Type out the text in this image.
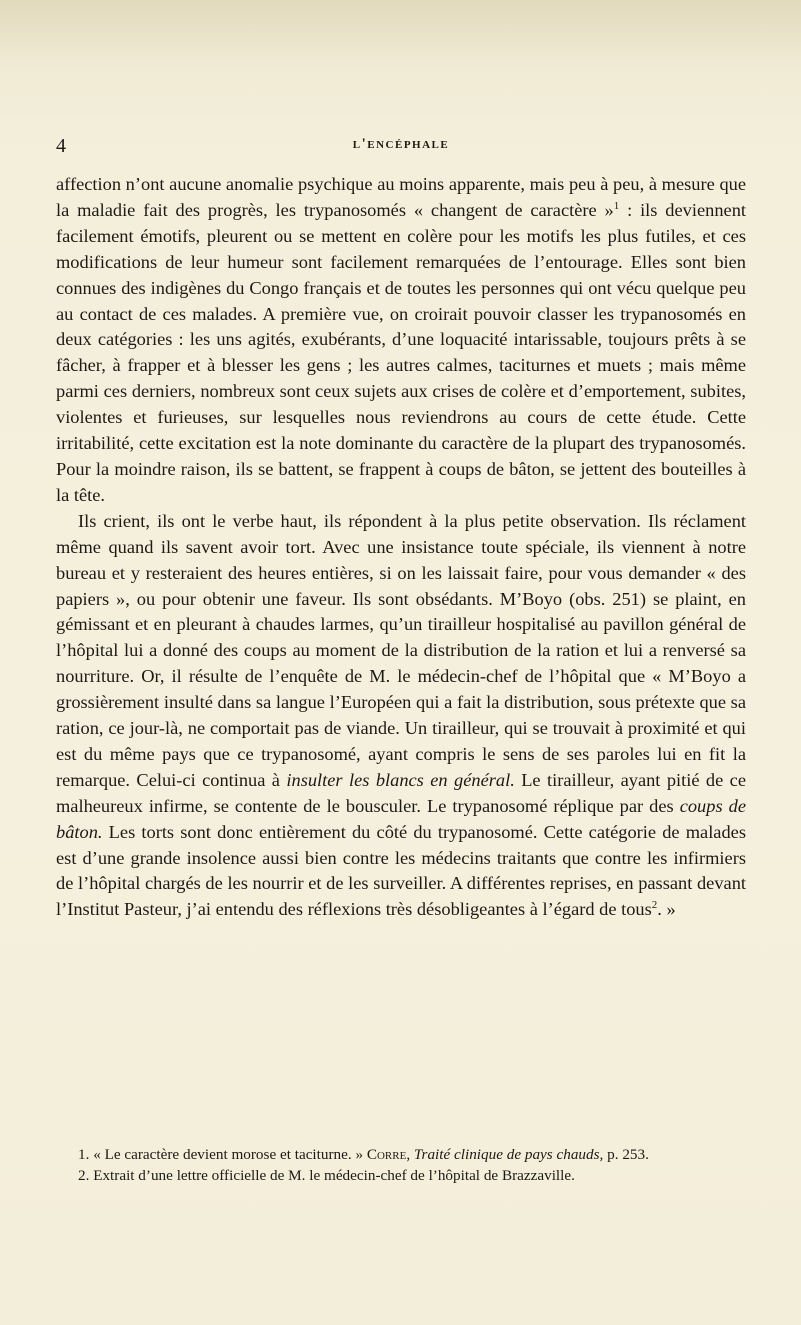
4	l'encéphale

affection n’ont aucune anomalie psychique au moins apparente, mais peu à peu, à mesure que la maladie fait des progrès, les trypanosomés « changent de caractère »$^1$ : ils deviennent facilement émotifs, pleurent ou se mettent en colère pour les motifs les plus futiles, et ces modifications de leur humeur sont facilement remarquées de l’entourage. Elles sont bien connues des indigènes du Congo français et de toutes les personnes qui ont vécu quelque peu au contact de ces malades. A première vue, on croirait pouvoir classer les trypanosomés en deux catégories : les uns agités, exubérants, d’une loquacité intarissable, toujours prêts à se fâcher, à frapper et à blesser les gens ; les autres calmes, taciturnes et muets ; mais même parmi ces derniers, nombreux sont ceux sujets aux crises de colère et d’emportement, subites, violentes et furieuses, sur lesquelles nous reviendrons au cours de cette étude. Cette irritabilité, cette excitation est la note dominante du caractère de la plupart des trypanosomés. Pour la moindre raison, ils se battent, se frappent à coups de bâton, se jettent des bouteilles à la tête.

Ils crient, ils ont le verbe haut, ils répondent à la plus petite observation. Ils réclament même quand ils savent avoir tort. Avec une insistance toute spéciale, ils viennent à notre bureau et y resteraient des heures entières, si on les laissait faire, pour vous demander « des papiers », ou pour obtenir une faveur. Ils sont obsédants. M’Boyo (obs. 251) se plaint, en gémissant et en pleurant à chaudes larmes, qu’un tirailleur hospitalisé au pavillon général de l’hôpital lui a donné des coups au moment de la distribution de la ration et lui a renversé sa nourriture. Or, il résulte de l’enquête de M. le médecin-chef de l’hôpital que « M’Boyo a grossièrement insulté dans sa langue l’Européen qui a fait la distribution, sous prétexte que sa ration, ce jour-là, ne comportait pas de viande. Un tirailleur, qui se trouvait à proximité et qui est du même pays que ce trypanosomé, ayant compris le sens de ses paroles lui en fit la remarque. Celui-ci continua à insulter les blancs en général. Le tirailleur, ayant pitié de ce malheureux infirme, se contente de le bousculer. Le trypanosomé réplique par des coups de bâton. Les torts sont donc entièrement du côté du trypanosomé. Cette catégorie de malades est d’une grande insolence aussi bien contre les médecins traitants que contre les infirmiers de l’hôpital chargés de les nourrir et de les surveiller. A différentes reprises, en passant devant l’Institut Pasteur, j’ai entendu des réflexions très désobligeantes à l’égard de tous$^2$. »

1. « Le caractère devient morose et taciturne. » Corre, Traité clinique de pays chauds, p. 253.

2. Extrait d’une lettre officielle de M. le médecin-chef de l’hôpital de Brazzaville.
